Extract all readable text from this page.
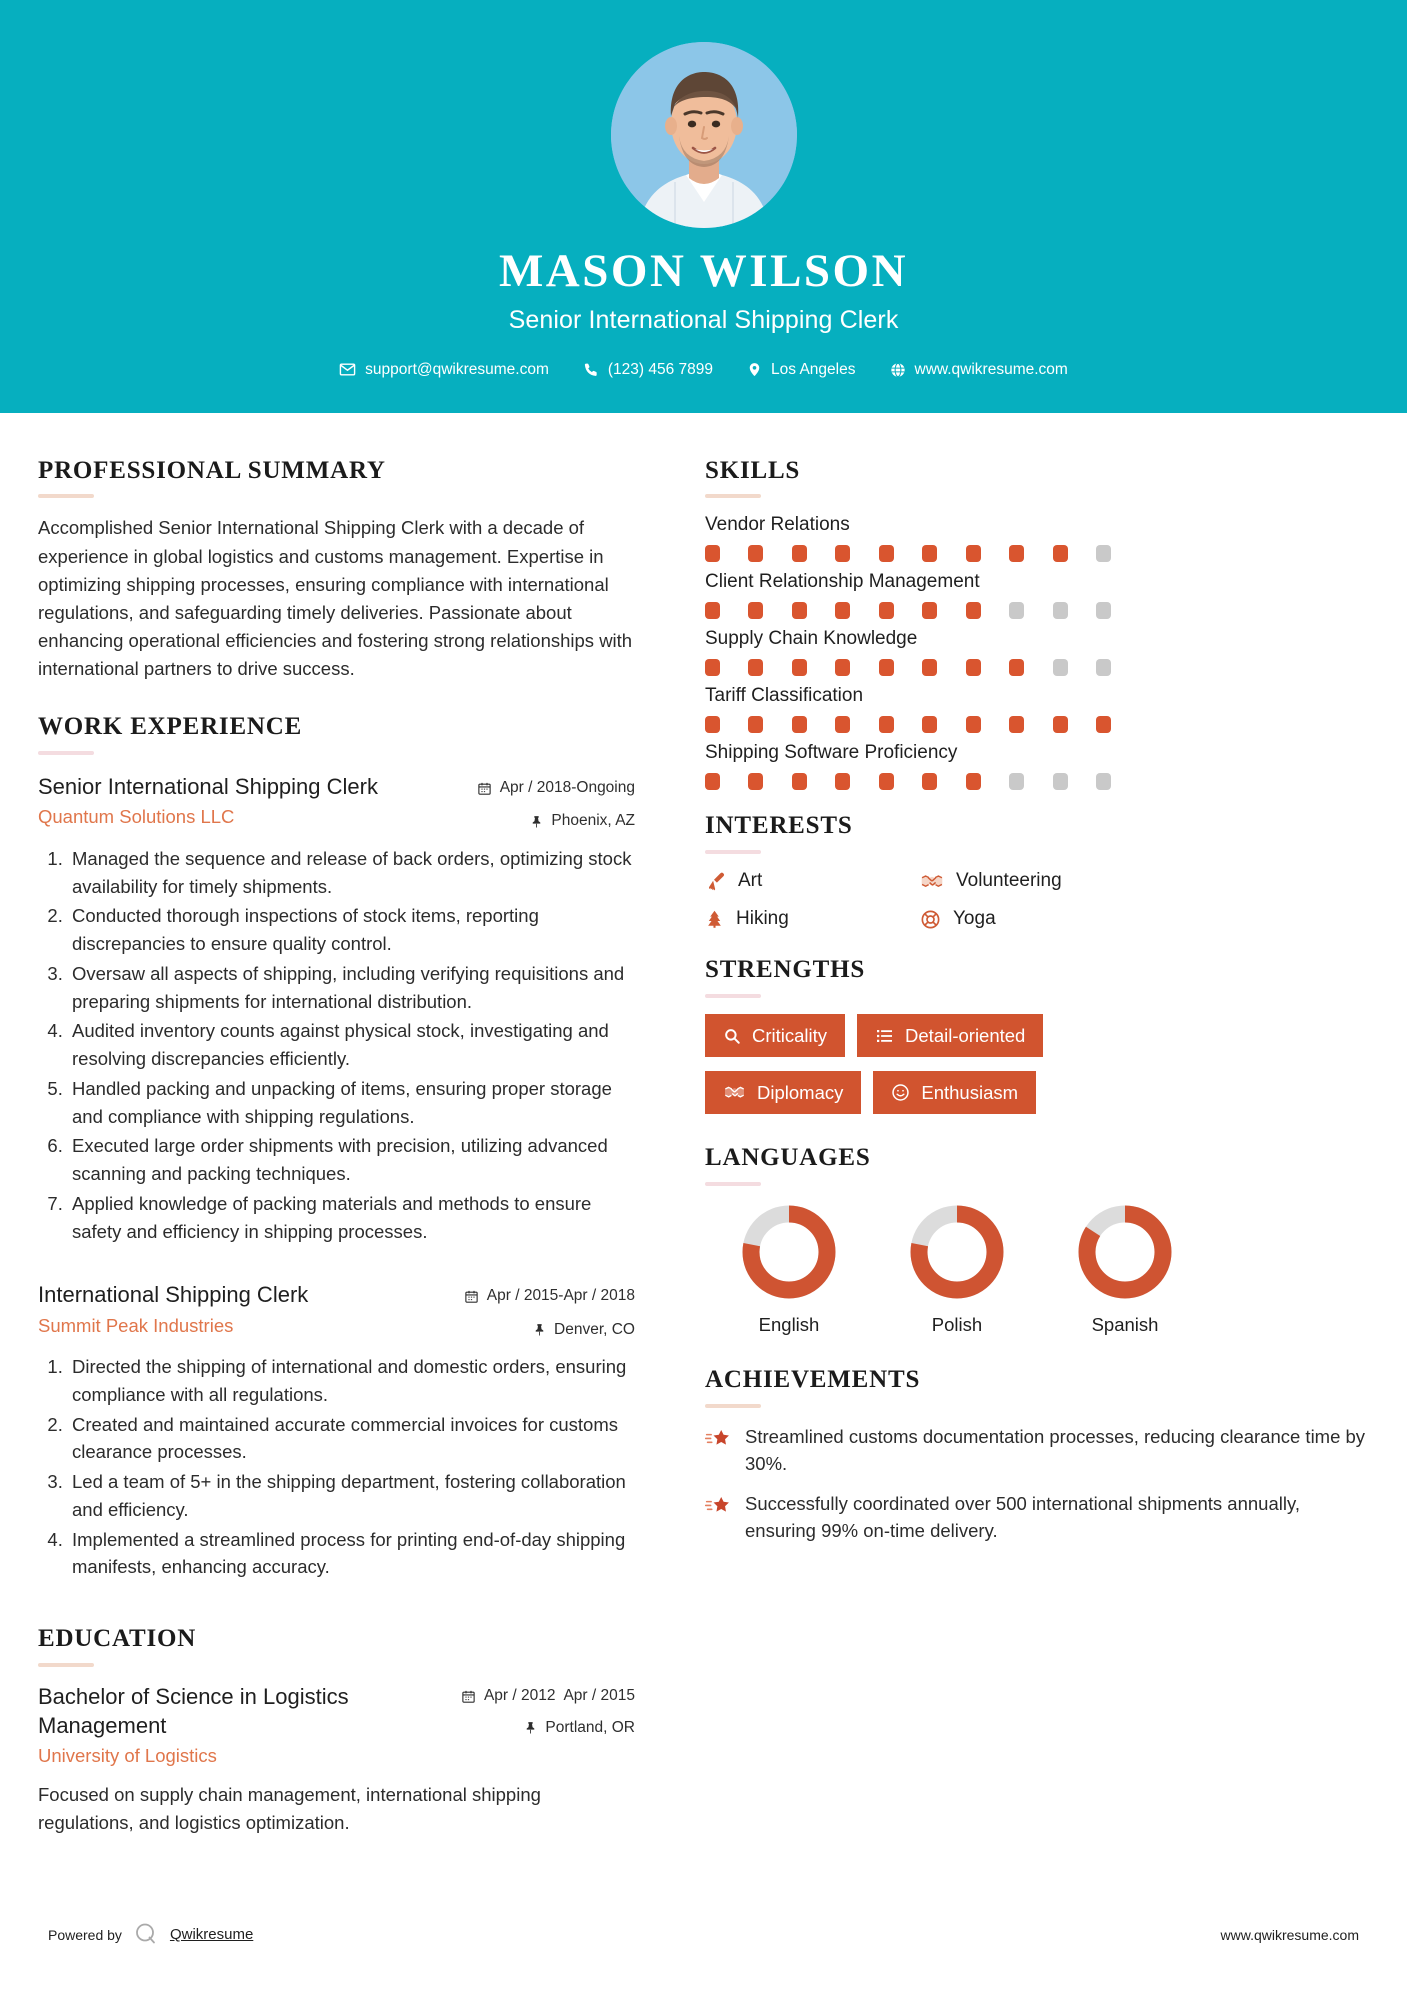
MASON WILSON
Senior International Shipping Clerk
support@qwikresume.com	(123) 456 7899	Los Angeles	www.qwikresume.com
PROFESSIONAL SUMMARY

Accomplished Senior International Shipping Clerk with a decade of experience in global logistics and customs management. Expertise in optimizing shipping processes, ensuring compliance with international regulations, and safeguarding timely deliveries. Passionate about enhancing operational efficiencies and fostering strong relationships with international partners to drive success.

WORK EXPERIENCE
Senior International Shipping Clerk
Quantum Solutions LLC
Apr / 2018-Ongoing
Phoenix, AZ
1. Managed the sequence and release of back orders, optimizing stock availability for timely shipments.
2. Conducted thorough inspections of stock items, reporting discrepancies to ensure quality control.
3. Oversaw all aspects of shipping, including verifying requisitions and preparing shipments for international distribution.
4. Audited inventory counts against physical stock, investigating and resolving discrepancies efficiently.
5. Handled packing and unpacking of items, ensuring proper storage and compliance with shipping regulations.
6. Executed large order shipments with precision, utilizing advanced scanning and packing techniques.
7. Applied knowledge of packing materials and methods to ensure safety and efficiency in shipping processes.
International Shipping Clerk
Summit Peak Industries
Apr / 2015-Apr / 2018
Denver, CO
1. Directed the shipping of international and domestic orders, ensuring compliance with all regulations.
2. Created and maintained accurate commercial invoices for customs clearance processes.
3. Led a team of 5+ in the shipping department, fostering collaboration and efficiency.
4. Implemented a streamlined process for printing end-of-day shipping manifests, enhancing accuracy.
EDUCATION
Bachelor of Science in Logistics Management
University of Logistics
Apr / 2012 Apr / 2015
Portland, OR

Focused on supply chain management, international shipping regulations, and logistics optimization.

SKILLS
Vendor Relations
Client Relationship Management
Supply Chain Knowledge
Tariff Classification
Shipping Software Proficiency
INTERESTS
Art	Volunteering
Hiking	Yoga
STRENGTHS
Criticality	Detail-oriented
Diplomacy	Enthusiasm
LANGUAGES
English	Polish	Spanish
ACHIEVEMENTS
Streamlined customs documentation processes, reducing clearance time by 30%.
Successfully coordinated over 500 international shipments annually, ensuring 99% on-time delivery.
Powered by	Qwikresume	www.qwikresume.com
